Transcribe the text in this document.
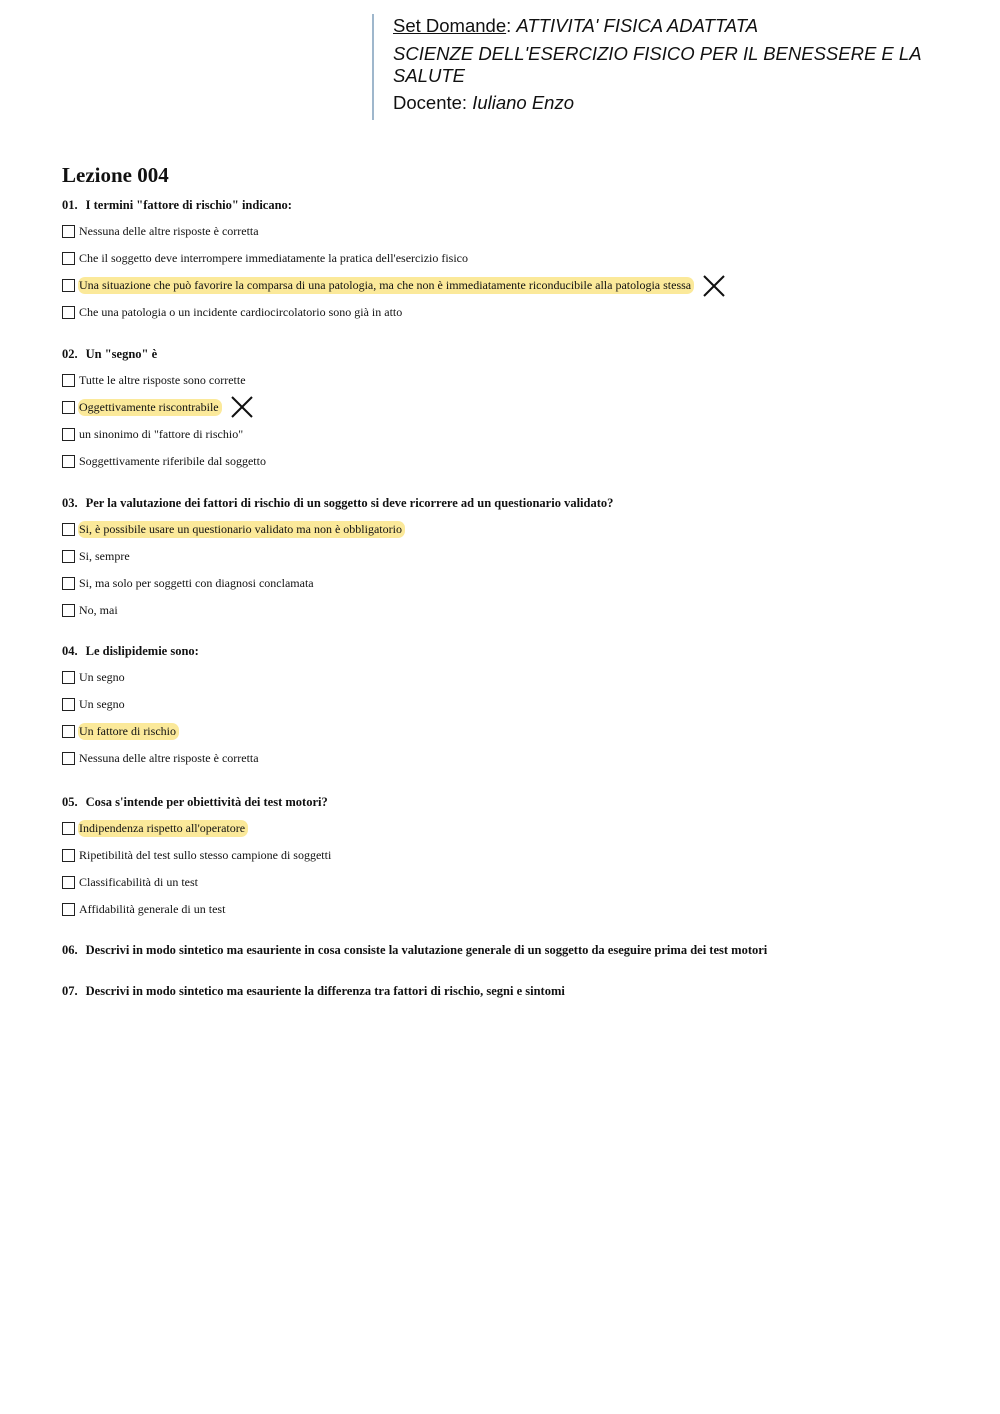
Set Domande: ATTIVITA' FISICA ADATTATA

SCIENZE DELL'ESERCIZIO FISICO PER IL BENESSERE E LA
SALUTE

Docente: Iuliano Enzo

Lezione 004

01. I termini "fattore di rischio" indicano:

Nessuna delle altre risposte è corretta
Che il soggetto deve interrompere immediatamente la pratica dell'esercizio fisico
Una situazione che può favorire la comparsa di una patologia, ma che non è immediatamente riconducibile alla patologia stessa
Che una patologia o un incidente cardiocircolatorio sono già in atto

02. Un "segno" è

Tutte le altre risposte sono corrette
Oggettivamente riscontrabile
un sinonimo di "fattore di rischio"
Soggettivamente riferibile dal soggetto

03. Per la valutazione dei fattori di rischio di un soggetto si deve ricorrere ad un questionario validato?

Si, è possibile usare un questionario validato ma non è obbligatorio
Si, sempre
Si, ma solo per soggetti con diagnosi conclamata
No, mai

04. Le dislipidemie sono:

Un segno
Un segno
Un fattore di rischio
Nessuna delle altre risposte è corretta

05. Cosa s'intende per obiettività dei test motori?

Indipendenza rispetto all'operatore
Ripetibilità del test sullo stesso campione di soggetti
Classificabilità di un test
Affidabilità generale di un test

06. Descrivi in modo sintetico ma esauriente in cosa consiste la valutazione generale di un soggetto da eseguire prima dei test motori

07. Descrivi in modo sintetico ma esauriente la differenza tra fattori di rischio, segni e sintomi
